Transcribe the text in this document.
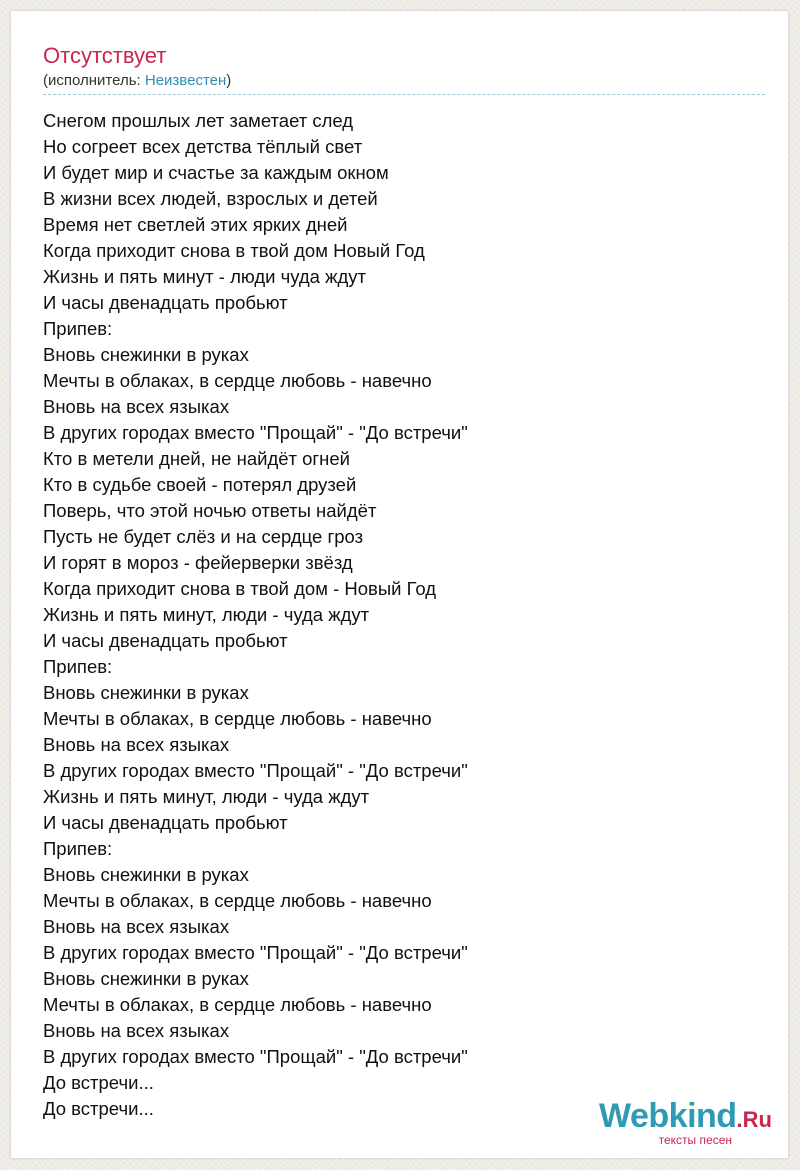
Отсутствует
(исполнитель: Неизвестен)
Снегом прошлых лет заметает след
Но согреет всех детства тёплый свет
И будет мир и счастье за каждым окном
В жизни всех людей, взрослых и детей
Время нет светлей этих ярких дней
Когда приходит снова в твой дом Новый Год
Жизнь и пять минут - люди чуда ждут
И часы двенадцать пробьют
Припев:
Вновь снежинки в руках
Мечты в облаках, в сердце любовь - навечно
Вновь на всех языках
В других городах вместо "Прощай" - "До встречи"
Кто в метели дней, не найдёт огней
Кто в судьбе своей - потерял друзей
Поверь, что этой ночью ответы найдёт
Пусть не будет слёз и на сердце гроз
И горят в мороз - фейерверки звёзд
Когда приходит снова в твой дом - Новый Год
Жизнь и пять минут, люди - чуда ждут
И часы двенадцать пробьют
Припев:
Вновь снежинки в руках
Мечты в облаках, в сердце любовь - навечно
Вновь на всех языках
В других городах вместо "Прощай" - "До встречи"
Жизнь и пять минут, люди - чуда ждут
И часы двенадцать пробьют
Припев:
Вновь снежинки в руках
Мечты в облаках, в сердце любовь - навечно
Вновь на всех языках
В других городах вместо "Прощай" - "До встречи"
Вновь снежинки в руках
Мечты в облаках, в сердце любовь - навечно
Вновь на всех языках
В других городах вместо "Прощай" - "До встречи"
До встречи...
До встречи...	Webkind.Ru
тексты песен
